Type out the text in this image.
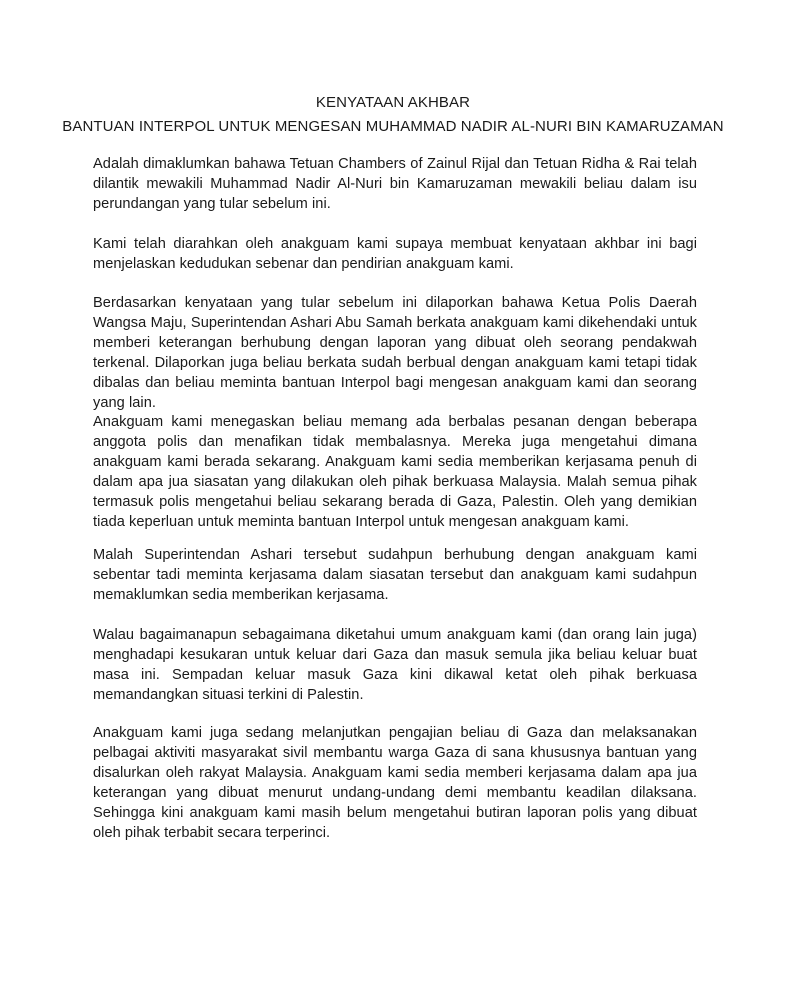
KENYATAAN AKHBAR
BANTUAN INTERPOL UNTUK MENGESAN MUHAMMAD NADIR AL-NURI BIN KAMARUZAMAN

Adalah dimaklumkan bahawa Tetuan Chambers of Zainul Rijal dan Tetuan Ridha & Rai telah dilantik mewakili Muhammad Nadir Al-Nuri bin Kamaruzaman mewakili beliau dalam isu perundangan yang tular sebelum ini.

Kami telah diarahkan oleh anakguam kami supaya membuat kenyataan akhbar ini bagi menjelaskan kedudukan sebenar dan pendirian anakguam kami.

Berdasarkan kenyataan yang tular sebelum ini dilaporkan bahawa Ketua Polis Daerah Wangsa Maju, Superintendan Ashari Abu Samah berkata anakguam kami dikehendaki untuk memberi keterangan berhubung dengan laporan yang dibuat oleh seorang pendakwah terkenal. Dilaporkan juga beliau berkata sudah berbual dengan anakguam kami tetapi tidak dibalas dan beliau meminta bantuan Interpol bagi mengesan anakguam kami dan seorang yang lain.

Anakguam kami menegaskan beliau memang ada berbalas pesanan dengan beberapa anggota polis dan menafikan tidak membalasnya. Mereka juga mengetahui dimana anakguam kami berada sekarang. Anakguam kami sedia memberikan kerjasama penuh di dalam apa jua siasatan yang dilakukan oleh pihak berkuasa Malaysia. Malah semua pihak termasuk polis mengetahui beliau sekarang berada di Gaza, Palestin. Oleh yang demikian tiada keperluan untuk meminta bantuan Interpol untuk mengesan anakguam kami.

Malah Superintendan Ashari tersebut sudahpun berhubung dengan anakguam kami sebentar tadi meminta kerjasama dalam siasatan tersebut dan anakguam kami sudahpun memaklumkan sedia memberikan kerjasama.

Walau bagaimanapun sebagaimana diketahui umum anakguam kami (dan orang lain juga) menghadapi kesukaran untuk keluar dari Gaza dan masuk semula jika beliau keluar buat masa ini. Sempadan keluar masuk Gaza kini dikawal ketat oleh pihak berkuasa memandangkan situasi terkini di Palestin.

Anakguam kami juga sedang melanjutkan pengajian beliau di Gaza dan melaksanakan pelbagai aktiviti masyarakat sivil membantu warga Gaza di sana khususnya bantuan yang disalurkan oleh rakyat Malaysia. Anakguam kami sedia memberi kerjasama dalam apa jua keterangan yang dibuat menurut undang-undang demi membantu keadilan dilaksana. Sehingga kini anakguam kami masih belum mengetahui butiran laporan polis yang dibuat oleh pihak terbabit secara terperinci.
